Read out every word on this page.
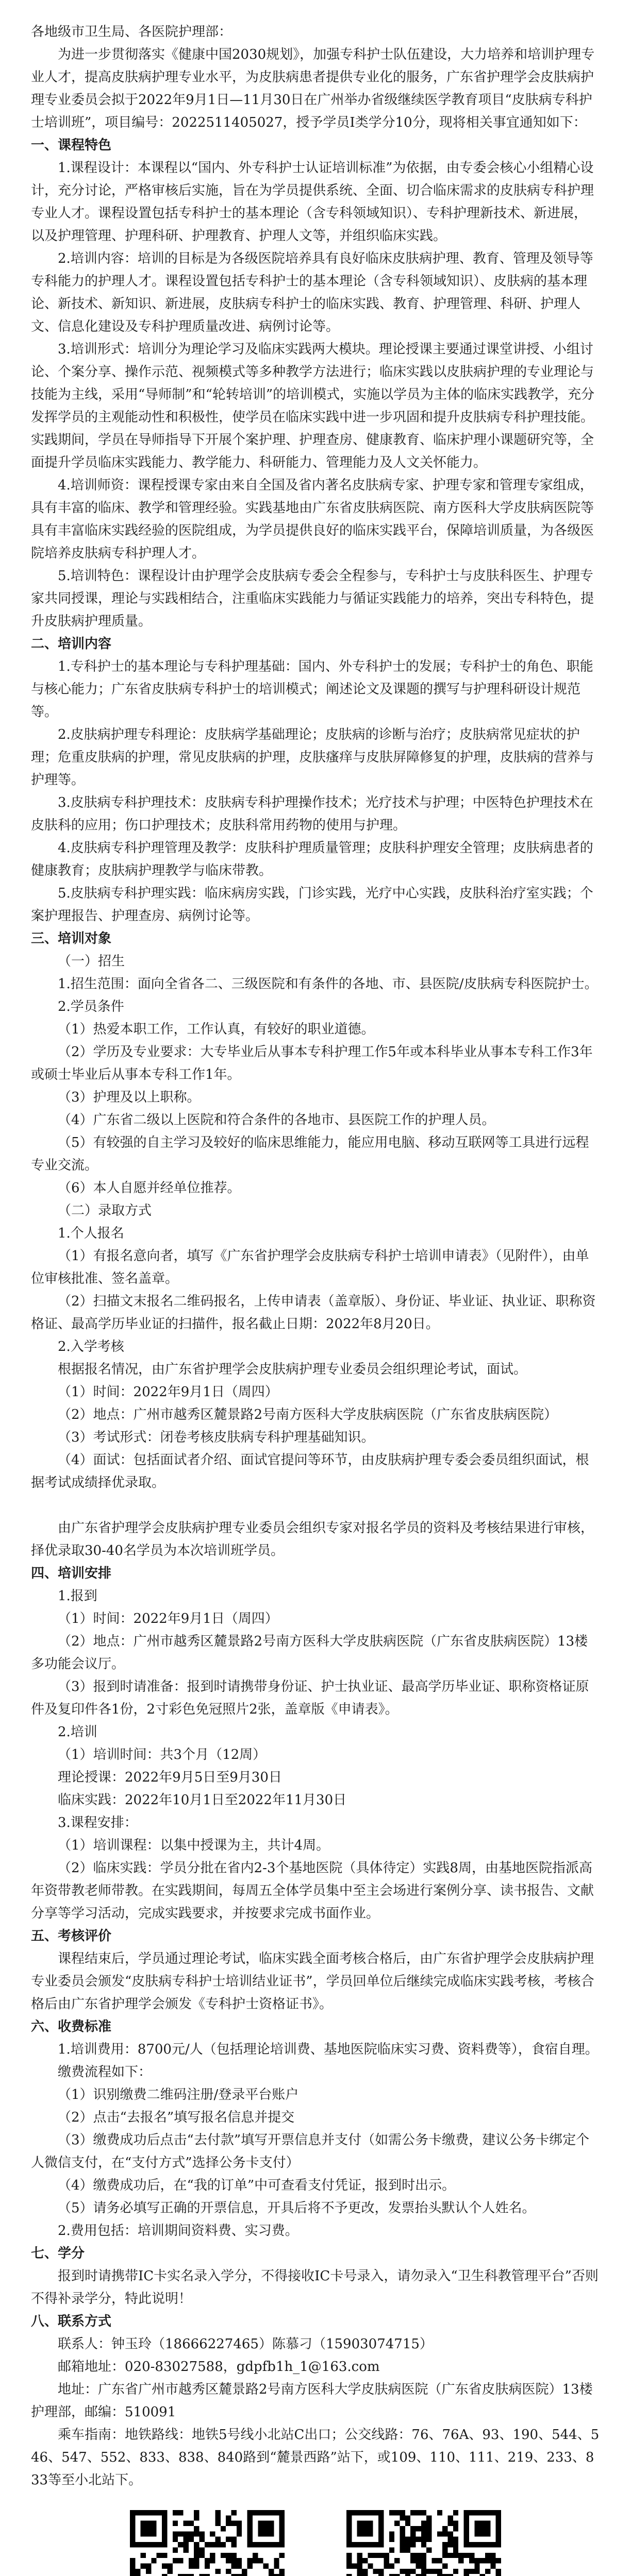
各地级市卫生局、各医院护理部：

为进一步贯彻落实《健康中国2030规划》，加强专科护士队伍建设，大力培养和培训护理专业人才，提高皮肤病护理专业水平，为皮肤病患者提供专业化的服务，广东省护理学会皮肤病护理专业委员会拟于2022年9月1日—11月30日在广州举办省级继续医学教育项目“皮肤病专科护士培训班”，项目编号：2022511405027，授予学员I类学分10分，现将相关事宜通知如下：

一、课程特色

1.课程设计：本课程以“国内、外专科护士认证培训标准”为依据，由专委会核心小组精心设计，充分讨论，严格审核后实施，旨在为学员提供系统、全面、切合临床需求的皮肤病专科护理专业人才。课程设置包括专科护士的基本理论（含专科领域知识）、专科护理新技术、新进展，以及护理管理、护理科研、护理教育、护理人文等，并组织临床实践。

2.培训内容：培训的目标是为各级医院培养具有良好临床皮肤病护理、教育、管理及领导等专科能力的护理人才。课程设置包括专科护士的基本理论（含专科领域知识）、皮肤病的基本理论、新技术、新知识、新进展，皮肤病专科护士的临床实践、教育、护理管理、科研、护理人文、信息化建设及专科护理质量改进、病例讨论等。

3.培训形式：培训分为理论学习及临床实践两大模块。理论授课主要通过课堂讲授、小组讨论、个案分享、操作示范、视频模式等多种教学方法进行；临床实践以皮肤病护理的专业理论与技能为主线，采用“导师制”和“轮转培训”的培训模式，实施以学员为主体的临床实践教学，充分发挥学员的主观能动性和积极性，使学员在临床实践中进一步巩固和提升皮肤病专科护理技能。实践期间，学员在导师指导下开展个案护理、护理查房、健康教育、临床护理小课题研究等，全面提升学员临床实践能力、教学能力、科研能力、管理能力及人文关怀能力。

4.培训师资：课程授课专家由来自全国及省内著名皮肤病专家、护理专家和管理专家组成，具有丰富的临床、教学和管理经验。实践基地由广东省皮肤病医院、南方医科大学皮肤病医院等具有丰富临床实践经验的医院组成，为学员提供良好的临床实践平台，保障培训质量，为各级医院培养皮肤病专科护理人才。

5.培训特色：课程设计由护理学会皮肤病专委会全程参与，专科护士与皮肤科医生、护理专家共同授课，理论与实践相结合，注重临床实践能力与循证实践能力的培养，突出专科特色，提升皮肤病护理质量。

二、培训内容

1.专科护士的基本理论与专科护理基础：国内、外专科护士的发展；专科护士的角色、职能与核心能力；广东省皮肤病专科护士的培训模式；阐述论文及课题的撰写与护理科研设计规范等。

2.皮肤病护理专科理论：皮肤病学基础理论；皮肤病的诊断与治疗；皮肤病常见症状的护理；危重皮肤病的护理，常见皮肤病的护理，皮肤瘙痒与皮肤屏障修复的护理，皮肤病的营养与护理等。

3.皮肤病专科护理技术：皮肤病专科护理操作技术；光疗技术与护理；中医特色护理技术在皮肤科的应用；伤口护理技术；皮肤科常用药物的使用与护理。

4.皮肤病专科护理管理及教学：皮肤科护理质量管理；皮肤科护理安全管理；皮肤病患者的健康教育；皮肤病护理教学与临床带教。

5.皮肤病专科护理实践：临床病房实践，门诊实践，光疗中心实践，皮肤科治疗室实践；个案护理报告、护理查房、病例讨论等。

三、培训对象

（一）招生

1.招生范围：面向全省各二、三级医院和有条件的各地、市、县医院/皮肤病专科医院护士。

2.学员条件

（1）热爱本职工作，工作认真，有较好的职业道德。

（2）学历及专业要求：大专毕业后从事本专科护理工作5年或本科毕业从事本专科工作3年或硕士毕业后从事本专科工作1年。

（3）护理及以上职称。

（4）广东省二级以上医院和符合条件的各地市、县医院工作的护理人员。

（5）有较强的自主学习及较好的临床思维能力，能应用电脑、移动互联网等工具进行远程专业交流。

（6）本人自愿并经单位推荐。

（二）录取方式

1.个人报名

（1）有报名意向者，填写《广东省护理学会皮肤病专科护士培训申请表》（见附件），由单位审核批准、签名盖章。

（2）扫描文末报名二维码报名，上传申请表（盖章版）、身份证、毕业证、执业证、职称资格证、最高学历毕业证的扫描件，报名截止日期：2022年8月20日。

2.入学考核

根据报名情况，由广东省护理学会皮肤病护理专业委员会组织理论考试，面试。

（1）时间：2022年9月1日（周四）

（2）地点：广州市越秀区麓景路2号南方医科大学皮肤病医院（广东省皮肤病医院）

（3）考试形式：闭卷考核皮肤病专科护理基础知识。

（4）面试：包括面试者介绍、面试官提问等环节，由皮肤病护理专委会委员组织面试，根据考试成绩择优录取。

由广东省护理学会皮肤病护理专业委员会组织专家对报名学员的资料及考核结果进行审核，择优录取30-40名学员为本次培训班学员。

四、培训安排

1.报到

（1）时间：2022年9月1日（周四）

（2）地点：广州市越秀区麓景路2号南方医科大学皮肤病医院（广东省皮肤病医院）13楼多功能会议厅。

（3）报到时请准备：报到时请携带身份证、护士执业证、最高学历毕业证、职称资格证原件及复印件各1份，2寸彩色免冠照片2张，盖章版《申请表》。

2.培训

（1）培训时间：共3个月（12周）

理论授课：2022年9月5日至9月30日

临床实践：2022年10月1日至2022年11月30日

3.课程安排：

（1）培训课程：以集中授课为主，共计4周。

（2）临床实践：学员分批在省内2-3个基地医院（具体待定）实践8周，由基地医院指派高年资带教老师带教。在实践期间，每周五全体学员集中至主会场进行案例分享、读书报告、文献分享等学习活动，完成实践要求，并按要求完成书面作业。

五、考核评价

课程结束后，学员通过理论考试，临床实践全面考核合格后，由广东省护理学会皮肤病护理专业委员会颁发“皮肤病专科护士培训结业证书”，学员回单位后继续完成临床实践考核，考核合格后由广东省护理学会颁发《专科护士资格证书》。

六、收费标准

1.培训费用：8700元/人（包括理论培训费、基地医院临床实习费、资料费等），食宿自理。

缴费流程如下：

（1）识别缴费二维码注册/登录平台账户

（2）点击“去报名”填写报名信息并提交

（3）缴费成功后点击“去付款”填写开票信息并支付（如需公务卡缴费，建议公务卡绑定个人微信支付，在“支付方式”选择公务卡支付）

（4）缴费成功后，在“我的订单”中可查看支付凭证，报到时出示。

（5）请务必填写正确的开票信息，开具后将不予更改，发票抬头默认个人姓名。

2.费用包括：培训期间资料费、实习费。

七、学分

报到时请携带IC卡实名录入学分，不得接收IC卡号录入，请勿录入“卫生科教管理平台”否则不得补录学分，特此说明！

八、联系方式

联系人：钟玉玲（18666227465）陈慕刁（15903074715）

邮箱地址：020-83027588，gdpfb1h_1@163.com

地址：广东省广州市越秀区麓景路2号南方医科大学皮肤病医院（广东省皮肤病医院）13楼护理部，邮编：510091

乘车指南：地铁路线：地铁5号线小北站C出口；公交线路：76、76A、93、190、544、546、547、552、833、838、840路到“麓景西路”站下，或109、110、111、219、233、833等至小北站下。
